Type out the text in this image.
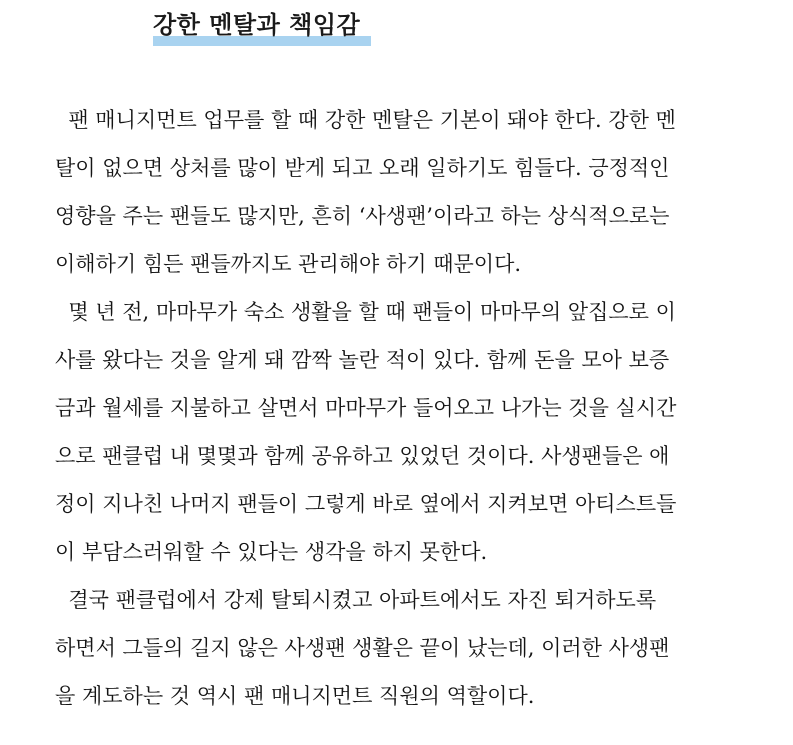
강한 멘탈과 책임감
팬 매니지먼트 업무를 할 때 강한 멘탈은 기본이 돼야 한다. 강한 멘
탈이 없으면 상처를 많이 받게 되고 오래 일하기도 힘들다. 긍정적인
영향을 주는 팬들도 많지만, 흔히 ‘사생팬’이라고 하는 상식적으로는
이해하기 힘든 팬들까지도 관리해야 하기 때문이다.
몇 년 전, 마마무가 숙소 생활을 할 때 팬들이 마마무의 앞집으로 이
사를 왔다는 것을 알게 돼 깜짝 놀란 적이 있다. 함께 돈을 모아 보증
금과 월세를 지불하고 살면서 마마무가 들어오고 나가는 것을 실시간
으로 팬클럽 내 몇몇과 함께 공유하고 있었던 것이다. 사생팬들은 애
정이 지나친 나머지 팬들이 그렇게 바로 옆에서 지켜보면 아티스트들
이 부담스러워할 수 있다는 생각을 하지 못한다.
결국 팬클럽에서 강제 탈퇴시켰고 아파트에서도 자진 퇴거하도록
하면서 그들의 길지 않은 사생팬 생활은 끝이 났는데, 이러한 사생팬
을 계도하는 것 역시 팬 매니지먼트 직원의 역할이다.
